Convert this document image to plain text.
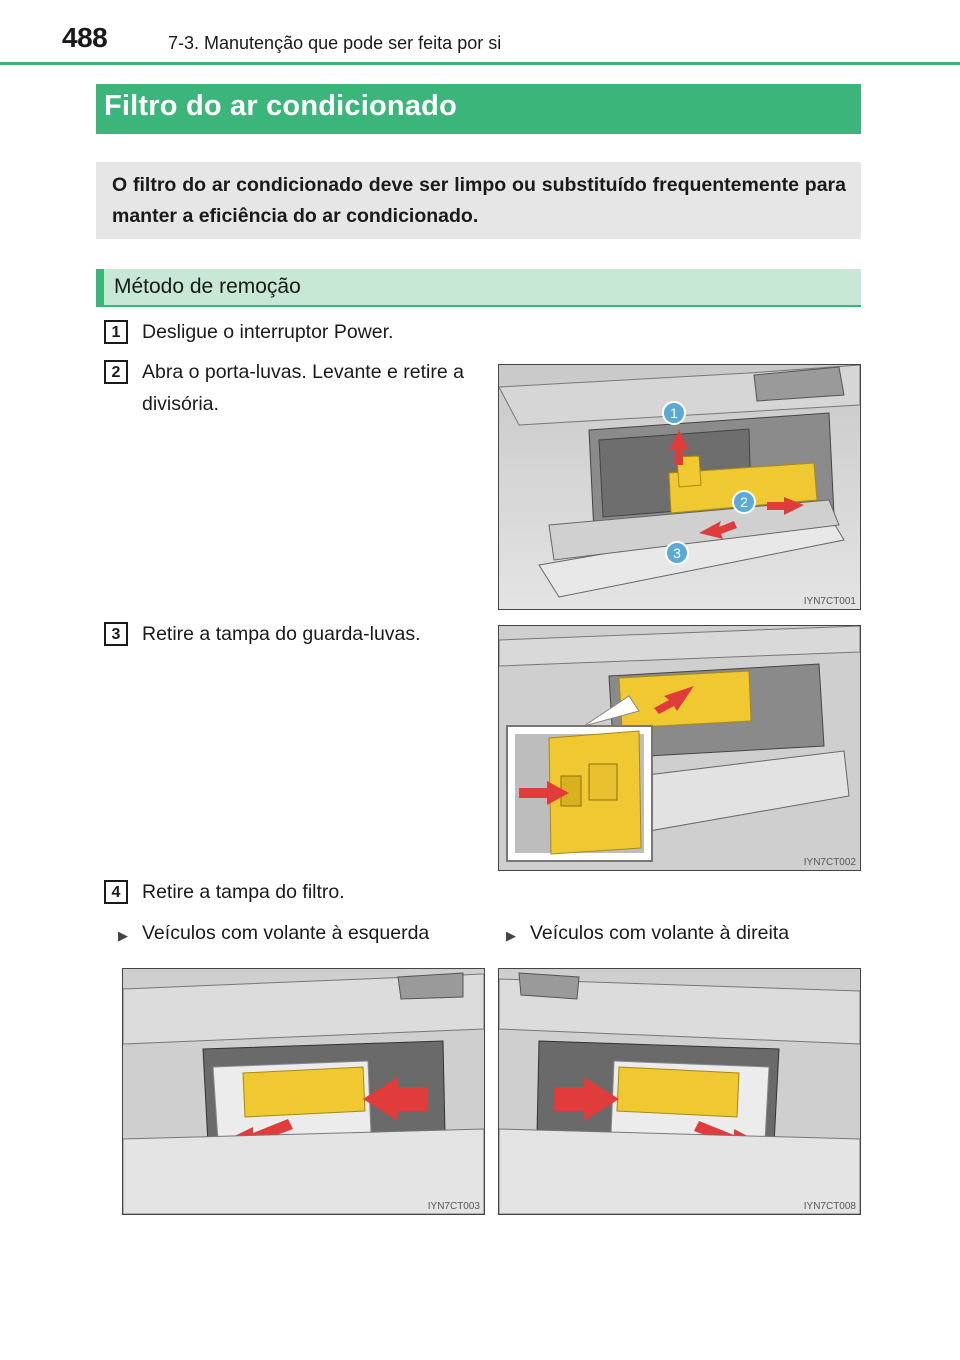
488	7-3. Manutenção que pode ser feita por si
Filtro do ar condicionado
O filtro do ar condicionado deve ser limpo ou substituído frequentemente para manter a eficiência do ar condicionado.
Método de remoção
1	Desligue o interruptor Power.
2	Abra o porta-luvas. Levante e retire a divisória.	1
2
3
IYN7CT001
3	Retire a tampa do guarda-luvas.
IYN7CT002
4	Retire a tampa do filtro.
▶ Veículos com volante à esquerda	▶ Veículos com volante à direita
IYN7CT003	IYN7CT008
